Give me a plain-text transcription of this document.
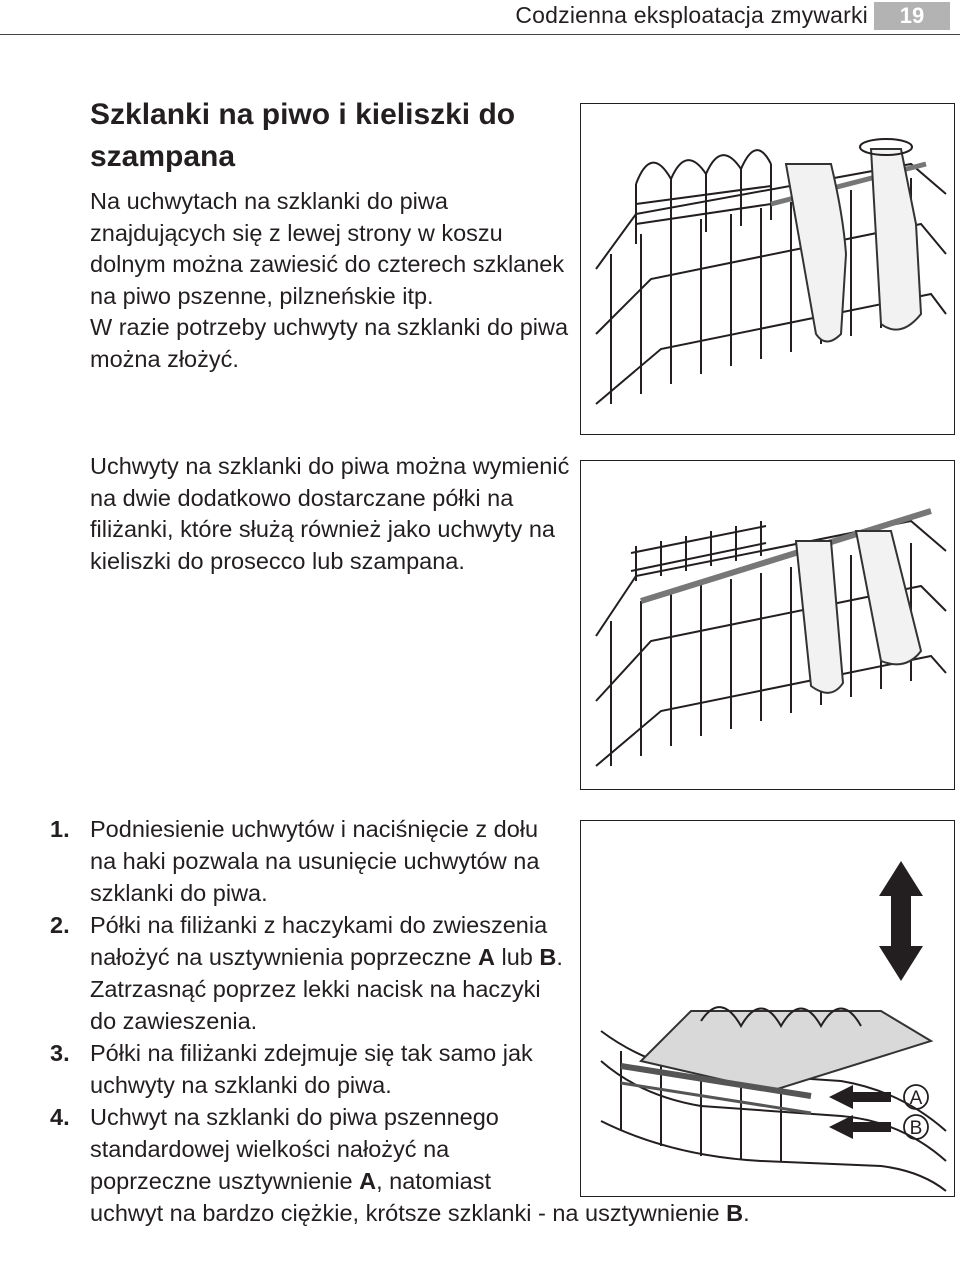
Codzienna eksploatacja zmywarki	19
Szklanki na piwo i kieliszki do szampana
Na uchwytach na szklanki do piwa znajdujących się z lewej strony w koszu dolnym można zawiesić do czterech szklanek na piwo pszenne, pilzneńskie itp.
W razie potrzeby uchwyty na szklanki do piwa można złożyć.

Uchwyty na szklanki do piwa można wymienić na dwie dodatkowo dostarczane półki na filiżanki, które służą również jako uchwyty na kieliszki do prosecco lub szampana.

1. Podniesienie uchwytów i naciśnięcie z dołu na haki pozwala na usunięcie uchwytów na szklanki do piwa.
2. Półki na filiżanki z haczykami do zwieszenia nałożyć na usztywnienia poprzeczne A lub B. Zatrzasnąć poprzez lekki nacisk na haczyki do zawieszenia.
3. Półki na filiżanki zdejmuje się tak samo jak uchwyty na szklanki do piwa.
4. Uchwyt na szklanki do piwa pszennego standardowej wielkości nałożyć na poprzeczne usztywnienie A, natomiast
uchwyt na bardzo ciężkie, krótsze szklanki - na usztywnienie B.
A
B
